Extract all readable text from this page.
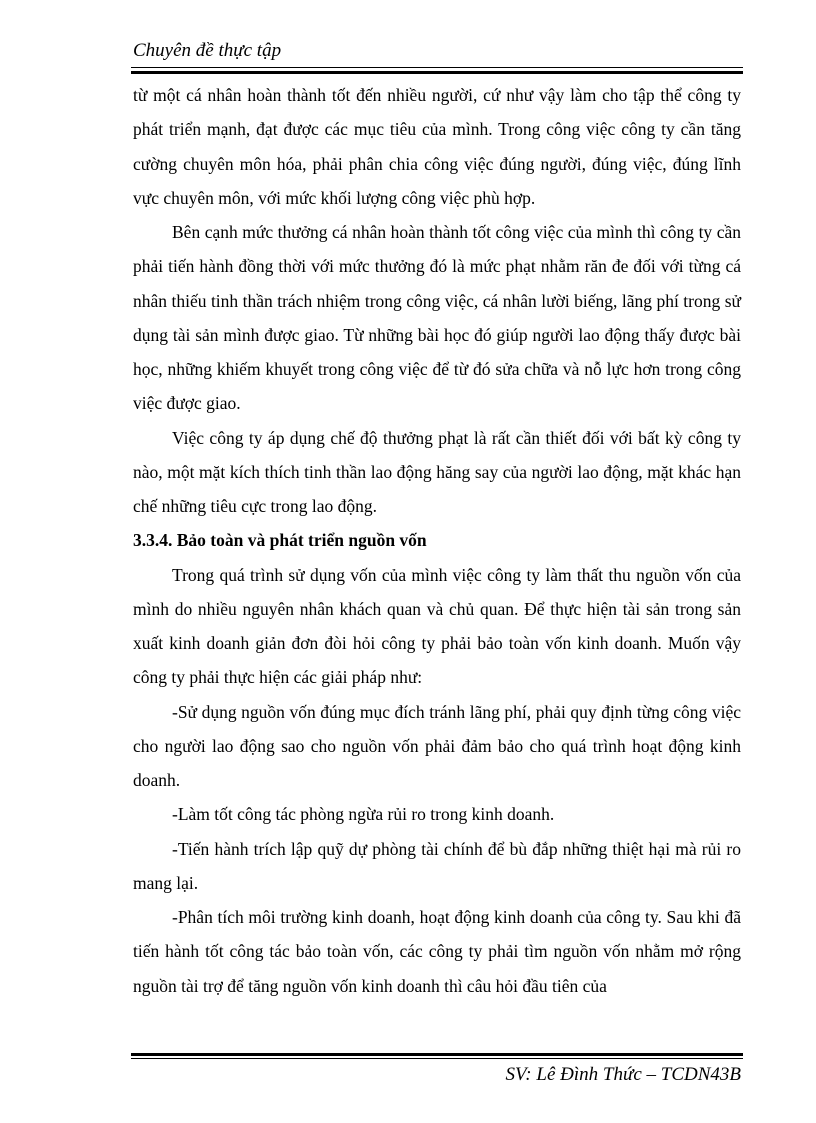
Chuyên đề thực tập

từ một cá nhân hoàn thành tốt đến nhiều người, cứ như vậy làm cho tập thể công ty phát triển mạnh, đạt được các mục tiêu của mình. Trong công việc công ty cần tăng cường chuyên môn hóa, phải phân chia công việc đúng người, đúng việc, đúng lĩnh vực chuyên môn, với mức khối lượng công việc phù hợp.

Bên cạnh mức thưởng cá nhân hoàn thành tốt công việc của mình thì công ty cần phải tiến hành đồng thời với mức thưởng đó là mức phạt nhằm răn đe đối với từng cá nhân thiếu tinh thần trách nhiệm trong công việc, cá nhân lười biếng, lãng phí trong sử dụng tài sản mình được giao. Từ những bài học đó giúp người lao động thấy được bài học, những khiếm khuyết trong công việc để từ đó sửa chữa và nỗ lực hơn trong công việc được giao.

Việc công ty áp dụng chế độ thưởng phạt là rất cần thiết đối với bất kỳ công ty nào, một mặt kích thích tinh thần lao động hăng say của người lao động, mặt khác hạn chế những tiêu cực trong lao động.

3.3.4. Bảo toàn và phát triển nguồn vốn

Trong quá trình sử dụng vốn của mình việc công ty làm thất thu nguồn vốn của mình do nhiều nguyên nhân khách quan và chủ quan. Để thực hiện tài sản trong sản xuất kinh doanh giản đơn đòi hỏi công ty phải bảo toàn vốn kinh doanh. Muốn vậy công ty phải thực hiện các giải pháp như:

-Sử dụng nguồn vốn đúng mục đích tránh lãng phí, phải quy định từng công việc cho người lao động sao cho nguồn vốn phải đảm bảo cho quá trình hoạt động kinh doanh.

-Làm tốt công tác phòng ngừa rủi ro trong kinh doanh.

-Tiến hành trích lập quỹ dự phòng tài chính để bù đắp những thiệt hại mà rủi ro mang lại.

-Phân tích môi trường kinh doanh, hoạt động kinh doanh của công ty. Sau khi đã tiến hành tốt công tác bảo toàn vốn, các công ty phải tìm nguồn vốn nhằm mở rộng nguồn tài trợ để tăng nguồn vốn kinh doanh thì câu hỏi đầu tiên của

SV: Lê Đình Thức – TCDN43B
